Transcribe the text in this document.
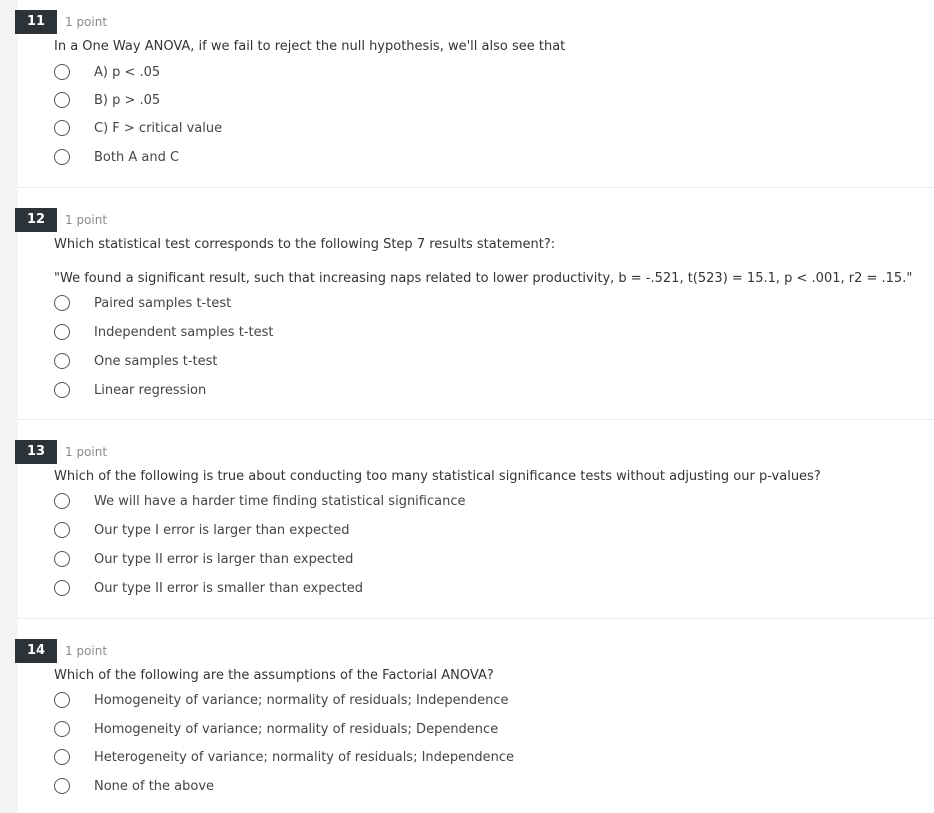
11	1 point
In a One Way ANOVA, if we fail to reject the null hypothesis, we'll also see that
A) p < .05
B) p > .05
C) F > critical value
Both A and C
12	1 point
Which statistical test corresponds to the following Step 7 results statement?:
"We found a significant result, such that increasing naps related to lower productivity, b = -.521, t(523) = 15.1, p < .001, r2 = .15."
Paired samples t-test
Independent samples t-test
One samples t-test
Linear regression
13	1 point
Which of the following is true about conducting too many statistical significance tests without adjusting our p-values?
We will have a harder time finding statistical significance
Our type I error is larger than expected
Our type II error is larger than expected
Our type II error is smaller than expected
14	1 point
Which of the following are the assumptions of the Factorial ANOVA?
Homogeneity of variance; normality of residuals; Independence
Homogeneity of variance; normality of residuals; Dependence
Heterogeneity of variance; normality of residuals; Independence
None of the above
